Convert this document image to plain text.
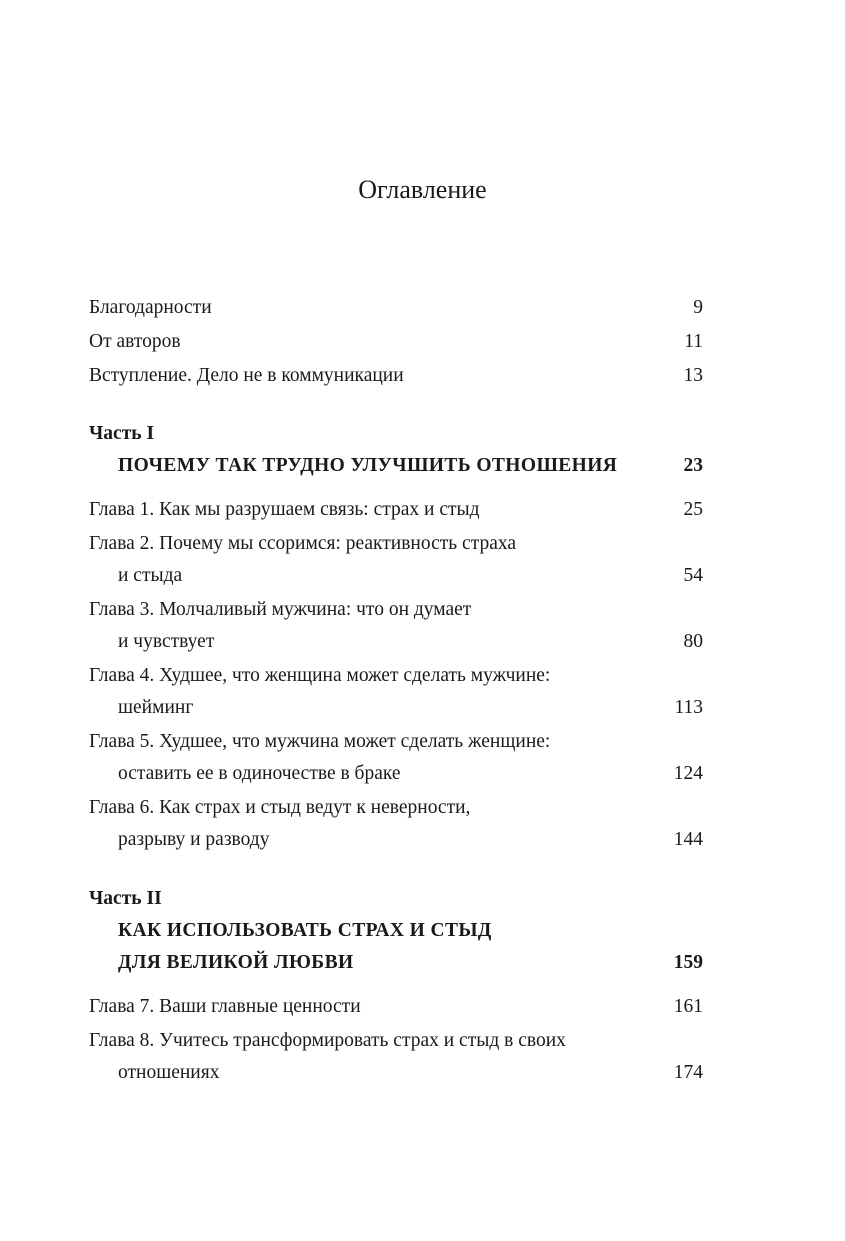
Оглавление
Благодарности	9
От авторов	11
Вступление. Дело не в коммуникации	13
Часть I
ПОЧЕМУ ТАК ТРУДНО УЛУЧШИТЬ ОТНОШЕНИЯ	23
Глава 1. Как мы разрушаем связь: страх и стыд	25
Глава 2. Почему мы ссоримся: реактивность страха
и стыда	54
Глава 3. Молчаливый мужчина: что он думает
и чувствует	80
Глава 4. Худшее, что женщина может сделать мужчине:
шейминг	113
Глава 5. Худшее, что мужчина может сделать женщине:
оставить ее в одиночестве в браке	124
Глава 6. Как страх и стыд ведут к неверности,
разрыву и разводу	144
Часть II
КАК ИСПОЛЬЗОВАТЬ СТРАХ И СТЫД
ДЛЯ ВЕЛИКОЙ ЛЮБВИ	159
Глава 7. Ваши главные ценности	161
Глава 8. Учитесь трансформировать страх и стыд в своих
отношениях	174
